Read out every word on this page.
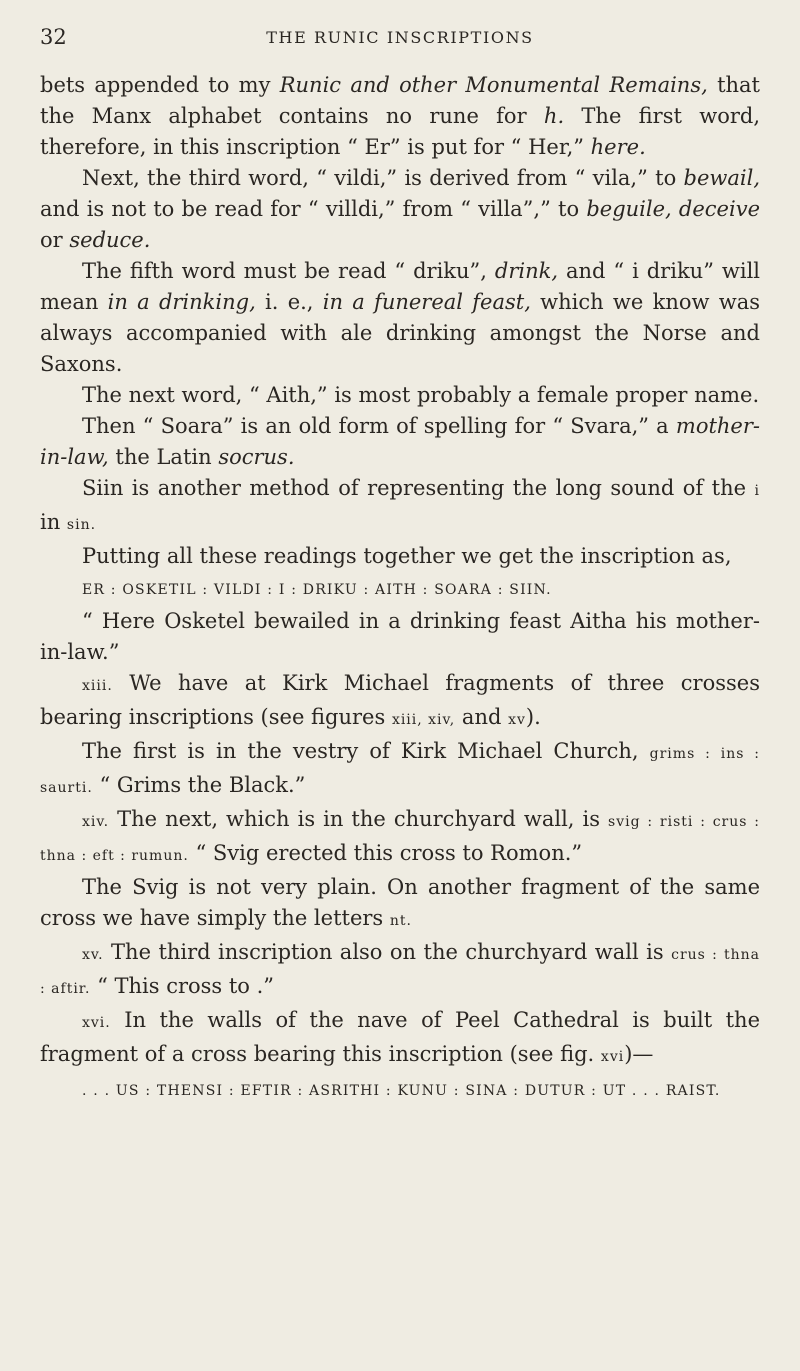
32	THE RUNIC INSCRIPTIONS

bets appended to my Runic and other Monumental Remains, that the Manx alphabet contains no rune for h. The first word, therefore, in this inscription “ Er” is put for “ Her,” here.

Next, the third word, “ vildi,” is derived from “ vila,” to bewail, and is not to be read for “ villdi,” from “ villa”,” to beguile, deceive or seduce.

The fifth word must be read “ driku”, drink, and “ i driku” will mean in a drinking, i. e., in a funereal feast, which we know was always accompanied with ale drinking amongst the Norse and Saxons.

The next word, “ Aith,” is most probably a female proper name.

Then “ Soara” is an old form of spelling for “ Svara,” a mother-in-law, the Latin socrus.

Siin is another method of representing the long sound of the i in sin.

Putting all these readings together we get the inscription as,

ER : OSKETIL : VILDI : I : DRIKU : AITH : SOARA : SIIN.

“ Here Osketel bewailed in a drinking feast Aitha his mother-in-law.”

xiii. We have at Kirk Michael fragments of three crosses bearing inscriptions (see figures xiii, xiv, and xv).

The first is in the vestry of Kirk Michael Church, grims : ins : saurti. “ Grims the Black.”

xiv. The next, which is in the churchyard wall, is svig : risti : crus : thna : eft : rumun. “ Svig erected this cross to Romon.”

The Svig is not very plain. On another fragment of the same cross we have simply the letters nt.

xv. The third inscription also on the churchyard wall is crus : thna : aftir. “ This cross to .”

xvi. In the walls of the nave of Peel Cathedral is built the fragment of a cross bearing this inscription (see fig. xvi)—

. . . US : THENSI : EFTIR : ASRITHI : KUNU : SINA : DUTUR : UT . . . RAIST.
